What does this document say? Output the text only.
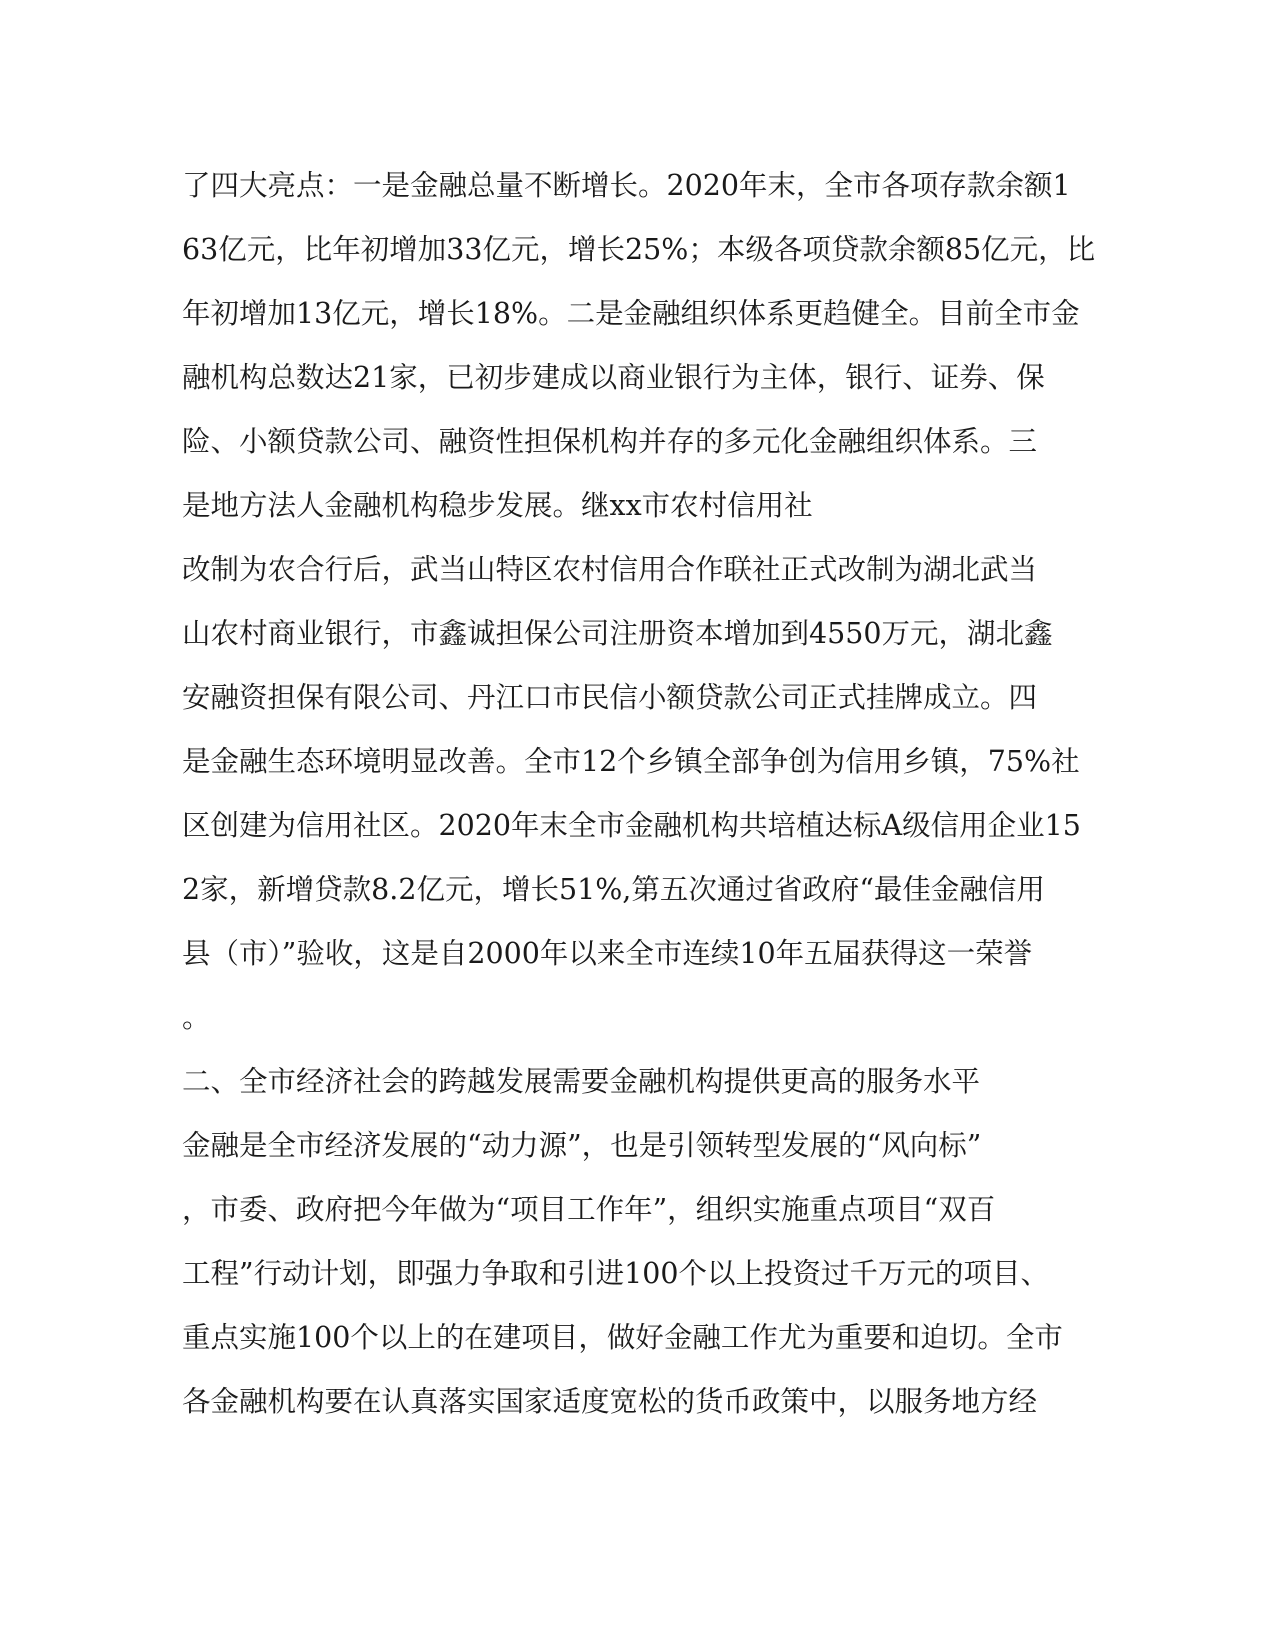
了四大亮点：一是金融总量不断增长。2020年末，全市各项存款余额1
63亿元，比年初增加33亿元，增长25%；本级各项贷款余额85亿元，比
年初增加13亿元，增长18%。二是金融组织体系更趋健全。目前全市金
融机构总数达21家，已初步建成以商业银行为主体，银行、证券、保
险、小额贷款公司、融资性担保机构并存的多元化金融组织体系。三
是地方法人金融机构稳步发展。继xx市农村信用社
改制为农合行后，武当山特区农村信用合作联社正式改制为湖北武当
山农村商业银行，市鑫诚担保公司注册资本增加到4550万元，湖北鑫
安融资担保有限公司、丹江口市民信小额贷款公司正式挂牌成立。四
是金融生态环境明显改善。全市12个乡镇全部争创为信用乡镇，75%社
区创建为信用社区。2020年末全市金融机构共培植达标A级信用企业15
2家，新增贷款8.2亿元，增长51%,第五次通过省政府“最佳金融信用
县（市）”验收，这是自2000年以来全市连续10年五届获得这一荣誉
。
二、全市经济社会的跨越发展需要金融机构提供更高的服务水平
金融是全市经济发展的“动力源”，也是引领转型发展的“风向标”
，市委、政府把今年做为“项目工作年”，组织实施重点项目“双百
工程”行动计划，即强力争取和引进100个以上投资过千万元的项目、
重点实施100个以上的在建项目，做好金融工作尤为重要和迫切。全市
各金融机构要在认真落实国家适度宽松的货币政策中，以服务地方经
